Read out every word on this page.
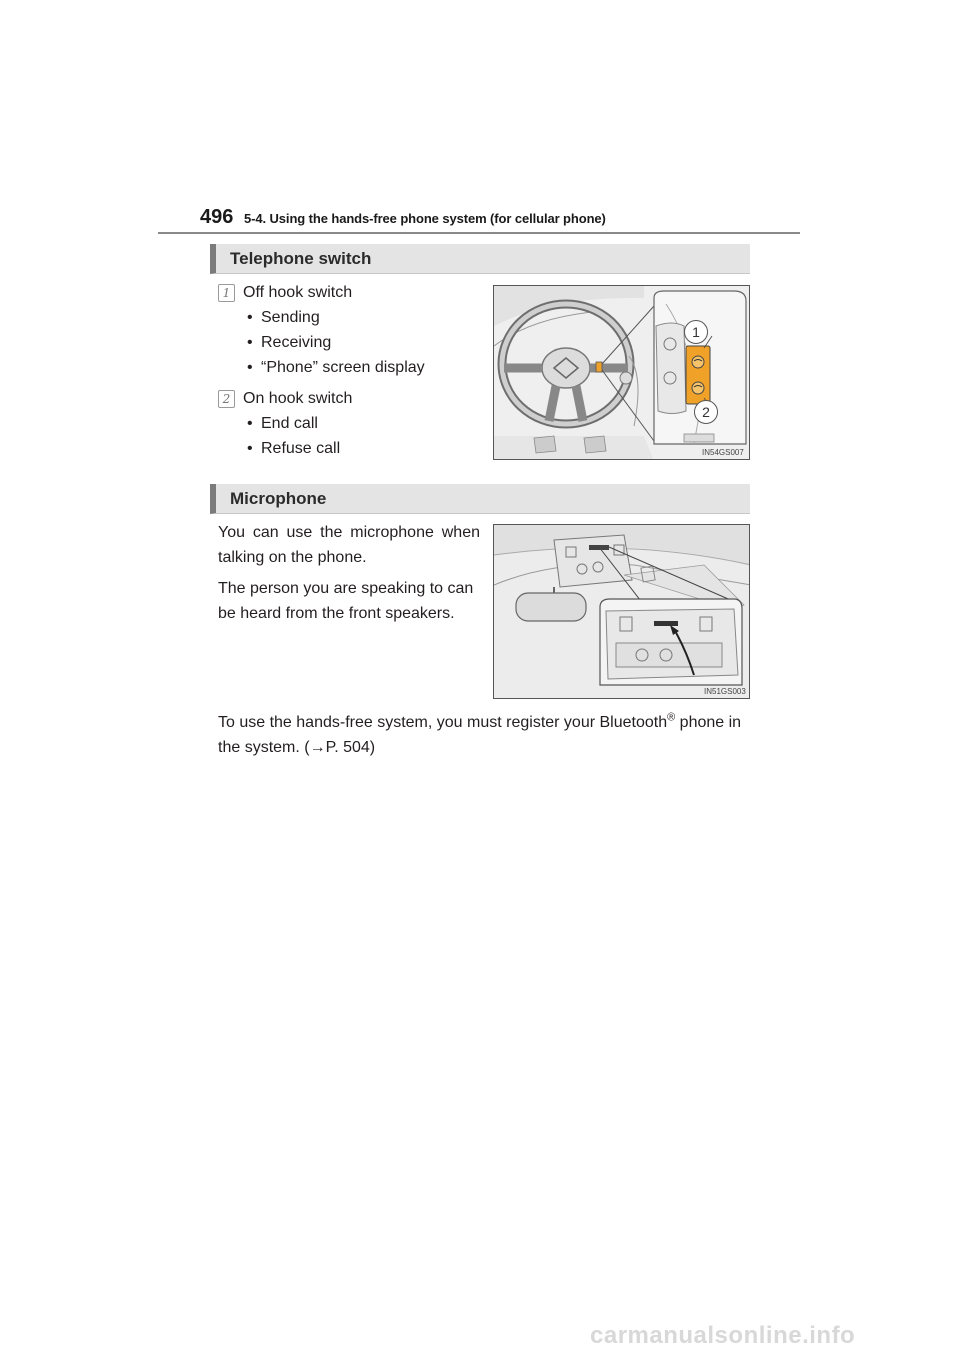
496 5-4. Using the hands-free phone system (for cellular phone)
Telephone switch
1 Off hook switch
• Sending
• Receiving
• “Phone” screen display
2 On hook switch
• End call
• Refuse call
1
2
IN54GS007
Microphone
You can use the microphone when talking on the phone.
The person you are speaking to can be heard from the front speakers.
IN51GS003
To use the hands-free system, you must register your Bluetooth® phone in the system. (→P. 504)
carmanualsonline.info
